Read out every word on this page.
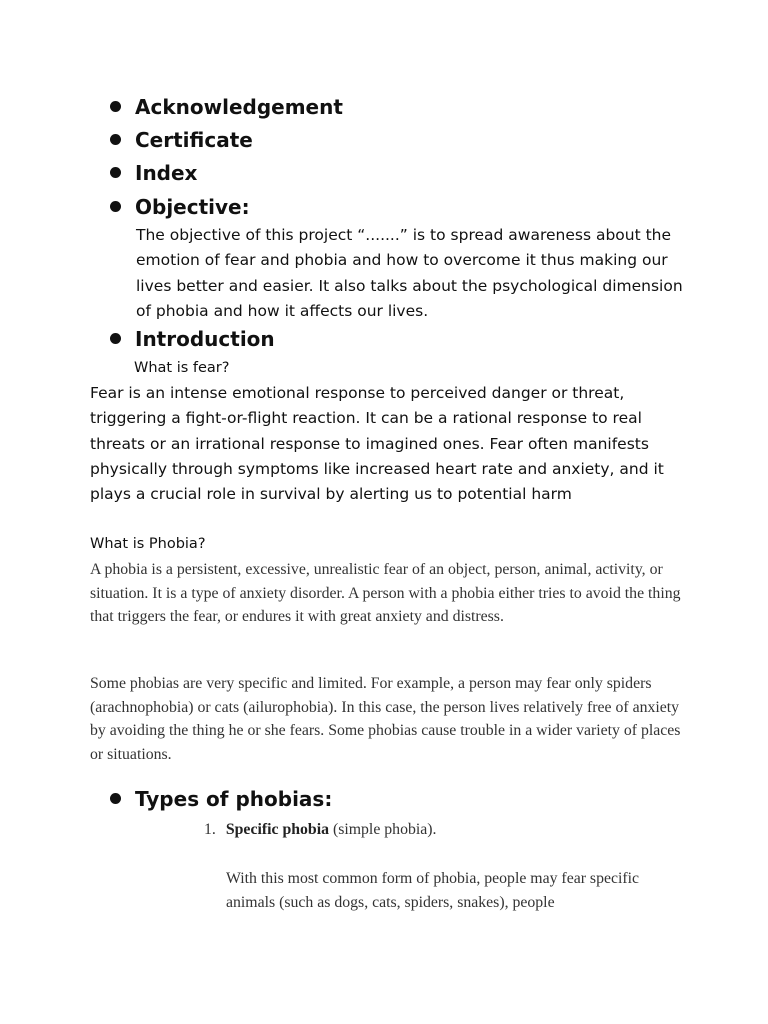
Acknowledgement
Certificate
Index
Objective:

The objective of this project “.......” is to spread awareness about the emotion of fear and phobia and how to overcome it thus making our lives better and easier. It also talks about the psychological dimension of phobia and how it affects our lives.

Introduction

What is fear?

Fear is an intense emotional response to perceived danger or threat, triggering a fight-or-flight reaction. It can be a rational response to real threats or an irrational response to imagined ones. Fear often manifests physically through symptoms like increased heart rate and anxiety, and it plays a crucial role in survival by alerting us to potential harm

What is Phobia?

A phobia is a persistent, excessive, unrealistic fear of an object, person, animal, activity, or situation. It is a type of anxiety disorder. A person with a phobia either tries to avoid the thing that triggers the fear, or endures it with great anxiety and distress.

Some phobias are very specific and limited. For example, a person may fear only spiders (arachnophobia) or cats (ailurophobia). In this case, the person lives relatively free of anxiety by avoiding the thing he or she fears. Some phobias cause trouble in a wider variety of places or situations.

Types of phobias:

1. Specific phobia (simple phobia).

With this most common form of phobia, people may fear specific animals (such as dogs, cats, spiders, snakes), people
